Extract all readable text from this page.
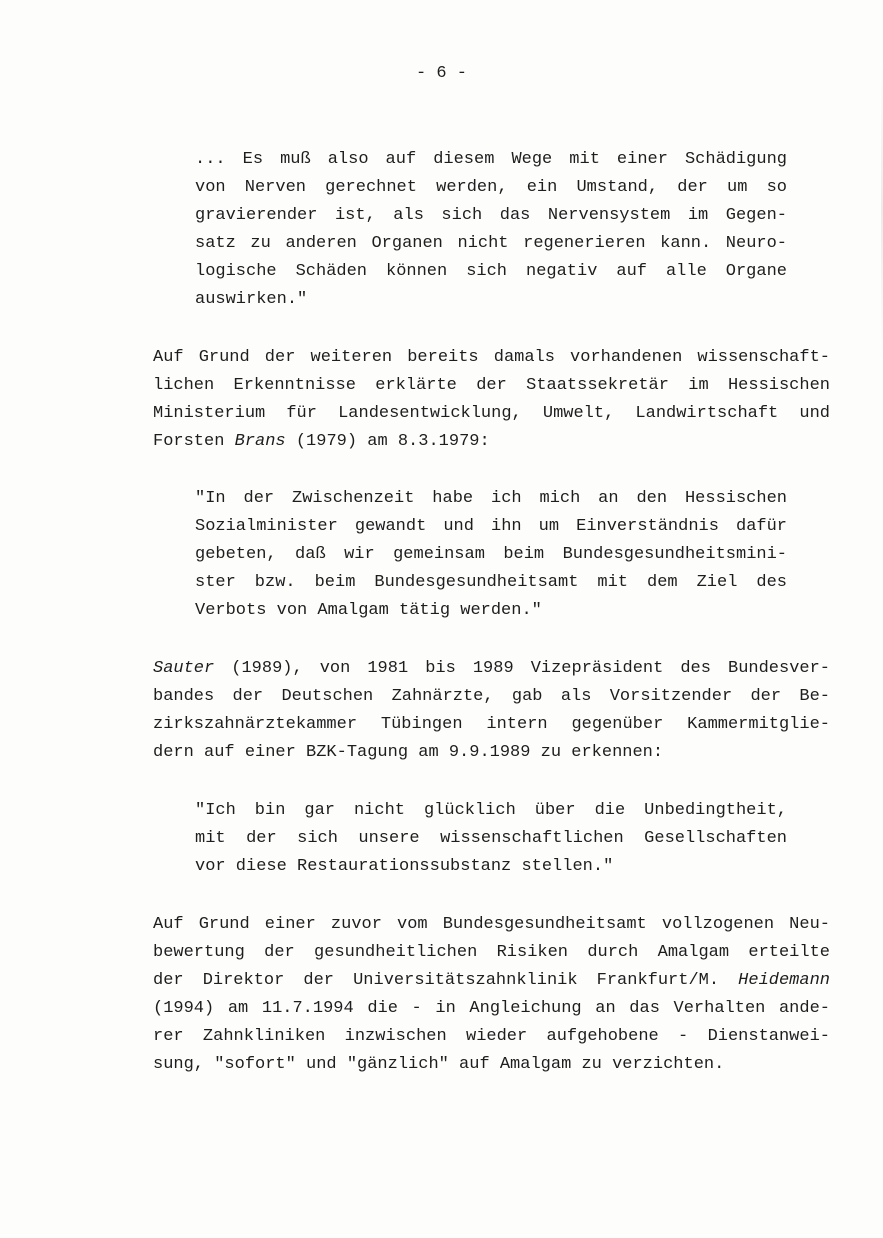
- 6 -
... Es muß also auf diesem Wege mit einer Schädigung
von Nerven gerechnet werden, ein Umstand, der um so
gravierender ist, als sich das Nervensystem im Gegen-
satz zu anderen Organen nicht regenerieren kann. Neuro-
logische Schäden können sich negativ auf alle Organe
auswirken."
Auf Grund der weiteren bereits damals vorhandenen wissenschaft-
lichen Erkenntnisse erklärte der Staatssekretär im Hessischen
Ministerium für Landesentwicklung, Umwelt, Landwirtschaft und
Forsten Brans (1979) am 8.3.1979:
"In der Zwischenzeit habe ich mich an den Hessischen
Sozialminister gewandt und ihn um Einverständnis dafür
gebeten, daß wir gemeinsam beim Bundesgesundheitsmini-
ster bzw. beim Bundesgesundheitsamt mit dem Ziel des
Verbots von Amalgam tätig werden."
Sauter (1989), von 1981 bis 1989 Vizepräsident des Bundesver-
bandes der Deutschen Zahnärzte, gab als Vorsitzender der Be-
zirkszahnärztekammer Tübingen intern gegenüber Kammermitglie-
dern auf einer BZK-Tagung am 9.9.1989 zu erkennen:
"Ich bin gar nicht glücklich über die Unbedingtheit,
mit der sich unsere wissenschaftlichen Gesellschaften
vor diese Restaurationssubstanz stellen."
Auf Grund einer zuvor vom Bundesgesundheitsamt vollzogenen Neu-
bewertung der gesundheitlichen Risiken durch Amalgam erteilte
der Direktor der Universitätszahnklinik Frankfurt/M. Heidemann
(1994) am 11.7.1994 die - in Angleichung an das Verhalten ande-
rer Zahnkliniken inzwischen wieder aufgehobene - Dienstanwei-
sung, "sofort" und "gänzlich" auf Amalgam zu verzichten.
